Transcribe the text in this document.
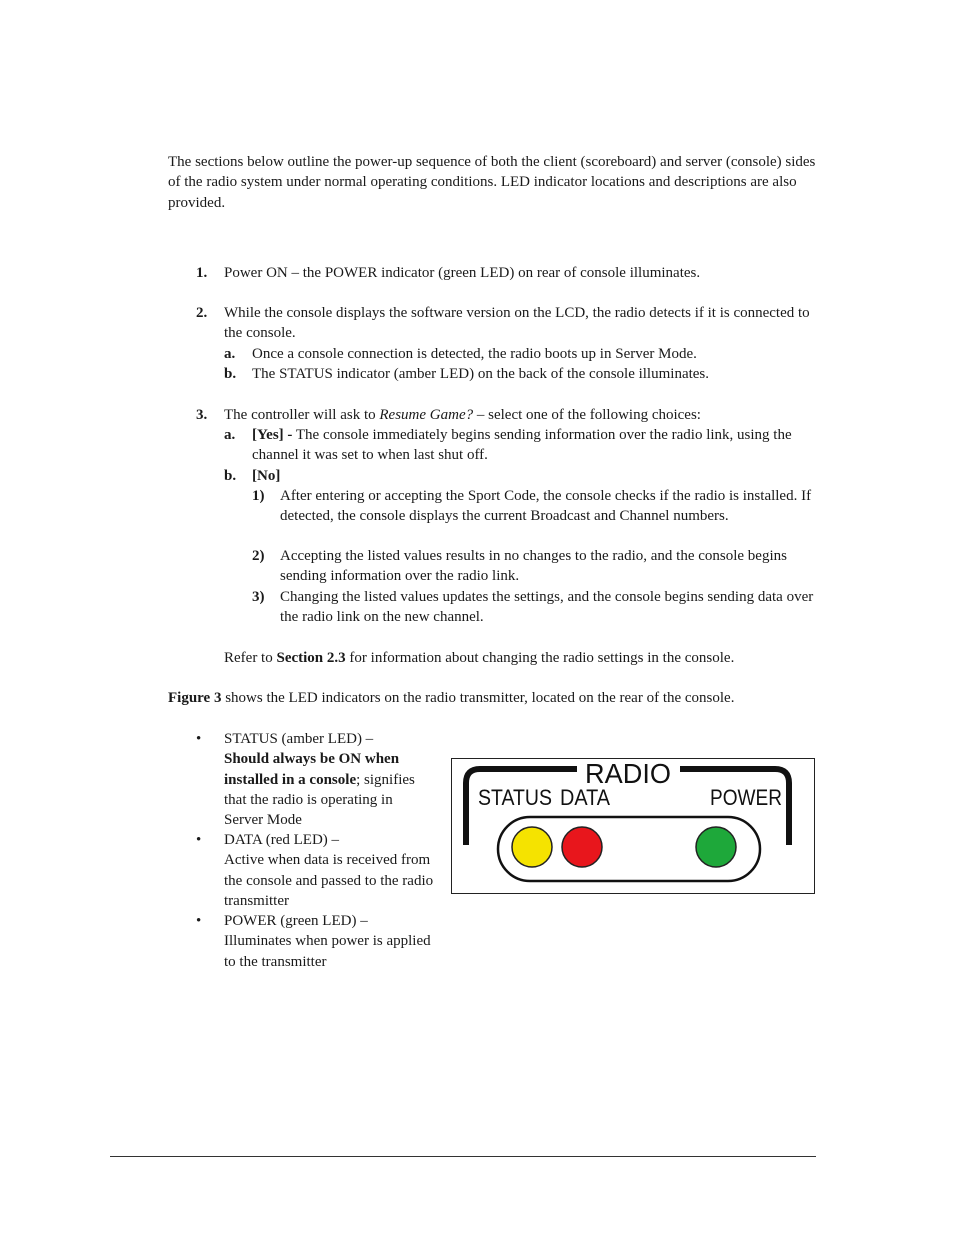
The sections below outline the power-up sequence of both the client (scoreboard) and server (console) sides of the radio system under normal operating conditions. LED indicator locations and descriptions are also provided.
1. Power ON – the POWER indicator (green LED) on rear of console illuminates.
2. While the console displays the software version on the LCD, the radio detects if it is connected to the console.
a. Once a console connection is detected, the radio boots up in Server Mode.
b. The STATUS indicator (amber LED) on the back of the console illuminates.
3. The controller will ask to Resume Game? – select one of the following choices:
a. [Yes] - The console immediately begins sending information over the radio link, using the channel it was set to when last shut off.
b. [No]
1) After entering or accepting the Sport Code, the console checks if the radio is installed. If detected, the console displays the current Broadcast and Channel numbers.
2) Accepting the listed values results in no changes to the radio, and the console begins sending information over the radio link.
3) Changing the listed values updates the settings, and the console begins sending data over the radio link on the new channel.
Refer to Section 2.3 for information about changing the radio settings in the console.
Figure 3 shows the LED indicators on the radio transmitter, located on the rear of the console.
• STATUS (amber LED) –
Should always be ON when installed in a console; signifies that the radio is operating in Server Mode
• DATA (red LED) –
Active when data is received from the console and passed to the radio transmitter
• POWER (green LED) –
Illuminates when power is applied to the transmitter
RADIO
STATUS DATA	POWER
